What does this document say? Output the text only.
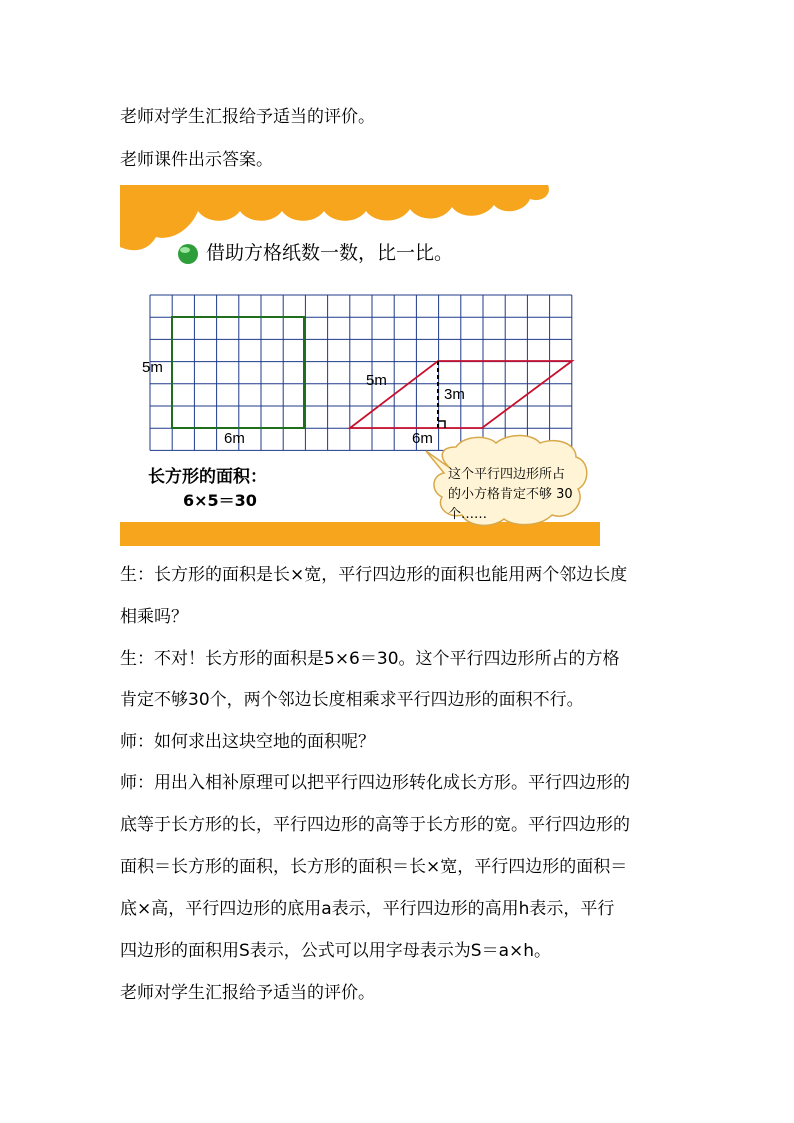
老师对学生汇报给予适当的评价。
老师课件出示答案。
借助方格纸数一数，比一比。
5m
6m
5m
3m
6m
长方形的面积：
6×5＝30
这个平行四边形所占的小方格肯定不够 30 个……
生：长方形的面积是长×宽，平行四边形的面积也能用两个邻边长度
相乘吗？
生：不对！长方形的面积是5×6＝30。这个平行四边形所占的方格
肯定不够30个，两个邻边长度相乘求平行四边形的面积不行。
师：如何求出这块空地的面积呢？
师：用出入相补原理可以把平行四边形转化成长方形。平行四边形的
底等于长方形的长，平行四边形的高等于长方形的宽。平行四边形的
面积＝长方形的面积，长方形的面积＝长×宽，平行四边形的面积＝
底×高，平行四边形的底用a表示，平行四边形的高用h表示，平行
四边形的面积用S表示，公式可以用字母表示为S＝a×h。
老师对学生汇报给予适当的评价。
